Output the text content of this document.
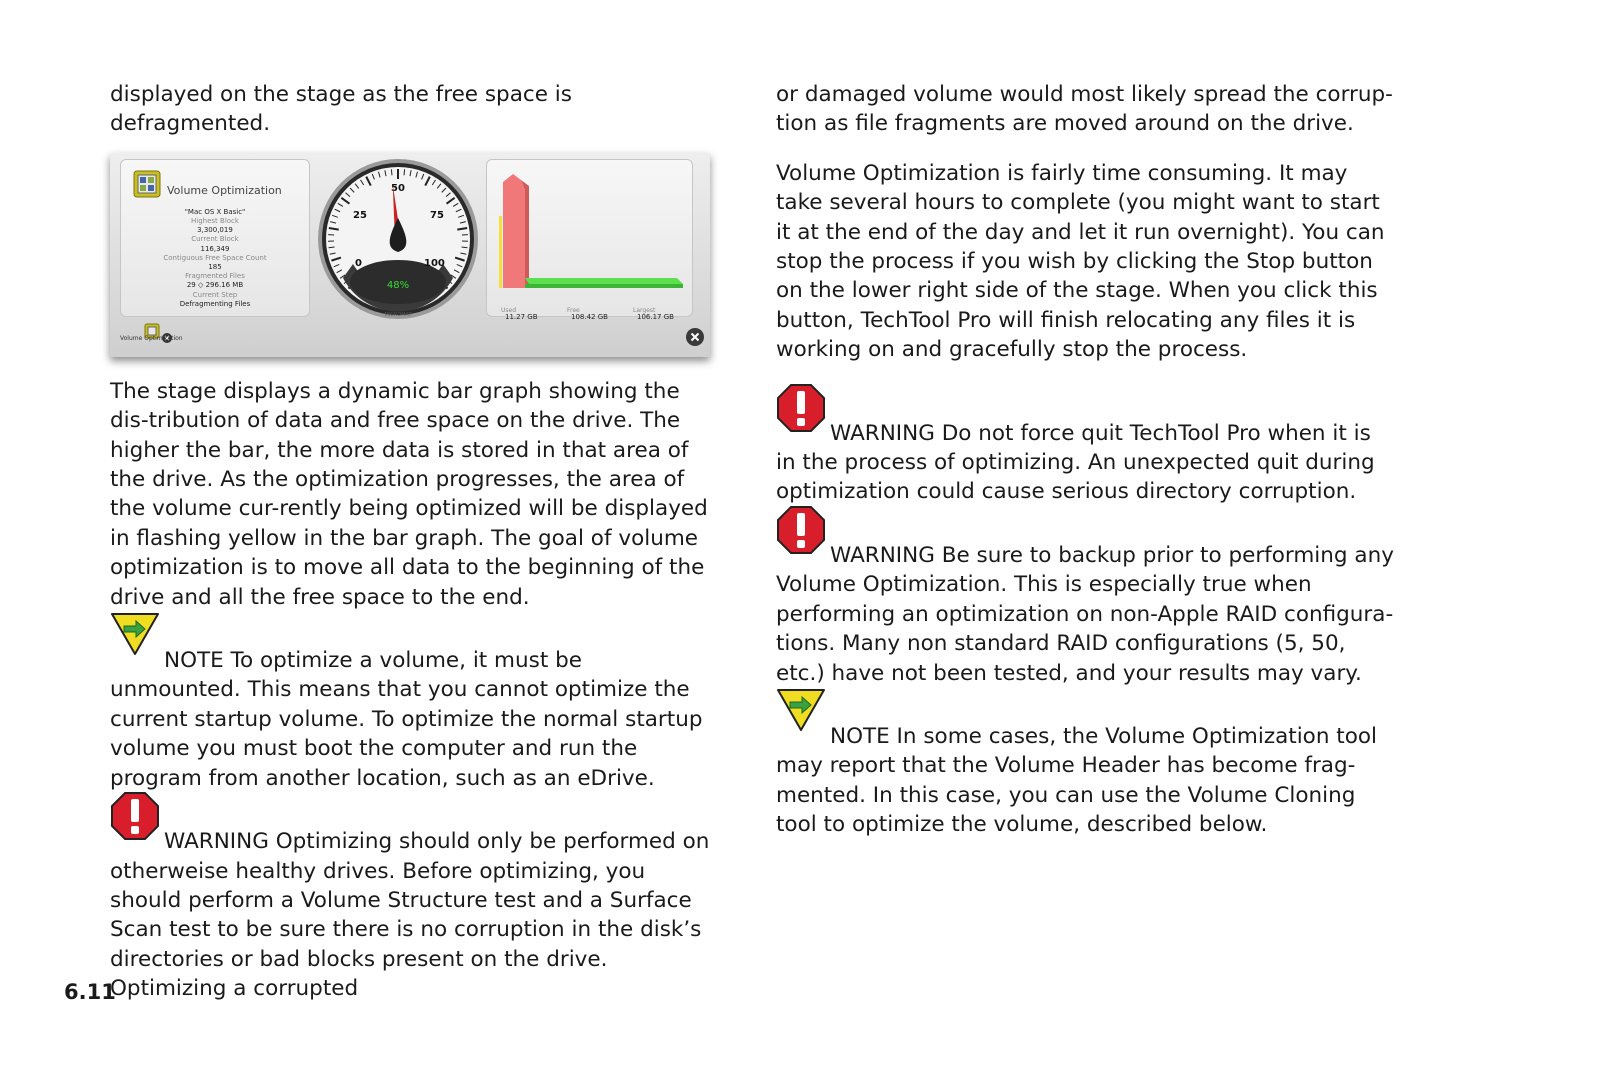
displayed on the stage as the free space is defragmented.

Volume Optimization
"Mac OS X Basic"
Highest Block
3,300,019
Current Block
116,349
Contiguous Free Space Count
185
Fragmented Files
29 ◇ 296.16 MB
Current Step
Defragmenting Files
0
25
50
75
100
48%
MICROMAT
Used
11.27 GB
Free
108.42 GB
Largest
106.17 GB
Volume Optimization

The stage displays a dynamic bar graph showing the dis-tribution of data and free space on the drive. The higher the bar, the more data is stored in that area of the drive. As the optimization progresses, the area of the volume cur-rently being optimized will be displayed in flashing yellow in the bar graph. The goal of volume optimization is to move all data to the beginning of the drive and all the free space to the end.

NOTE To optimize a volume, it must be unmounted. This means that you cannot optimize the current startup volume. To optimize the normal startup volume you must boot the computer and run the program from another location, such as an eDrive.

WARNING Optimizing should only be performed on otherweise healthy drives. Before optimizing, you should perform a Volume Structure test and a Surface Scan test to be sure there is no corruption in the disk’s directories or bad blocks present on the drive. Optimizing a corrupted

or damaged volume would most likely spread the corrup-tion as file fragments are moved around on the drive.

Volume Optimization is fairly time consuming. It may take several hours to complete (you might want to start it at the end of the day and let it run overnight). You can stop the process if you wish by clicking the Stop button on the lower right side of the stage. When you click this button, TechTool Pro will finish relocating any files it is working on and gracefully stop the process.

WARNING Do not force quit TechTool Pro when it is in the process of optimizing. An unexpected quit during optimization could cause serious directory corruption.

WARNING Be sure to backup prior to performing any Volume Optimization. This is especially true when performing an optimization on non-Apple RAID configura-tions. Many non standard RAID configurations (5, 50, etc.) have not been tested, and your results may vary.

NOTE In some cases, the Volume Optimization tool may report that the Volume Header has become frag-mented. In this case, you can use the Volume Cloning tool to optimize the volume, described below.

6.11
